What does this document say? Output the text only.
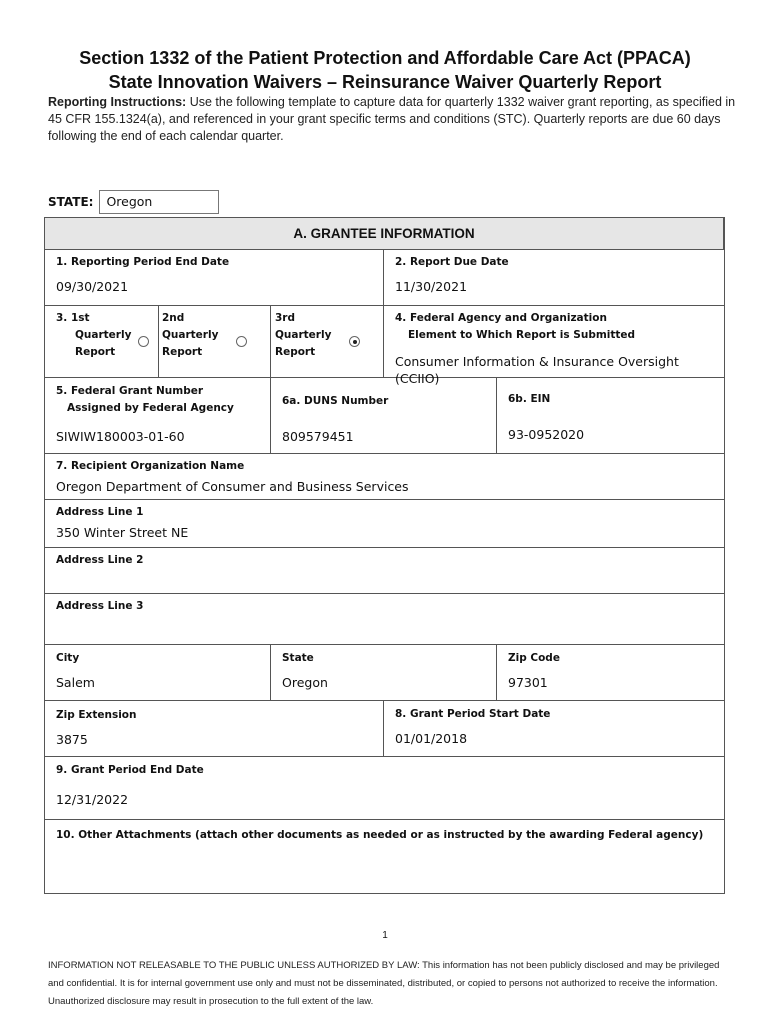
Section 1332 of the Patient Protection and Affordable Care Act (PPACA)
State Innovation Waivers – Reinsurance Waiver Quarterly Report
Reporting Instructions: Use the following template to capture data for quarterly 1332 waiver grant reporting, as specified in 45 CFR 155.1324(a), and referenced in your grant specific terms and conditions (STC). Quarterly reports are due 60 days following the end of each calendar quarter.
STATE:	Oregon
A. GRANTEE INFORMATION
1. Reporting Period End Date
09/30/2021
2. Report Due Date
11/30/2021
3. 1st
Quarterly
Report
2nd
Quarterly
Report
3rd
Quarterly
Report
4. Federal Agency and Organization
Element to Which Report is Submitted
Consumer Information & Insurance Oversight (CCIIO)
5. Federal Grant Number
Assigned by Federal Agency
SIWIW180003-01-60
6a. DUNS Number
809579451
6b. EIN
93-0952020
7. Recipient Organization Name
Oregon Department of Consumer and Business Services
Address Line 1
350 Winter Street NE
Address Line 2
Address Line 3
City
Salem
State
Oregon
Zip Code
97301
Zip Extension
3875
8. Grant Period Start Date
01/01/2018
9. Grant Period End Date
12/31/2022
10. Other Attachments (attach other documents as needed or as instructed by the awarding Federal agency)
1
INFORMATION NOT RELEASABLE TO THE PUBLIC UNLESS AUTHORIZED BY LAW: This information has not been publicly disclosed and may be privileged and confidential. It is for internal government use only and must not be disseminated, distributed, or copied to persons not authorized to receive the information. Unauthorized disclosure may result in prosecution to the full extent of the law.
